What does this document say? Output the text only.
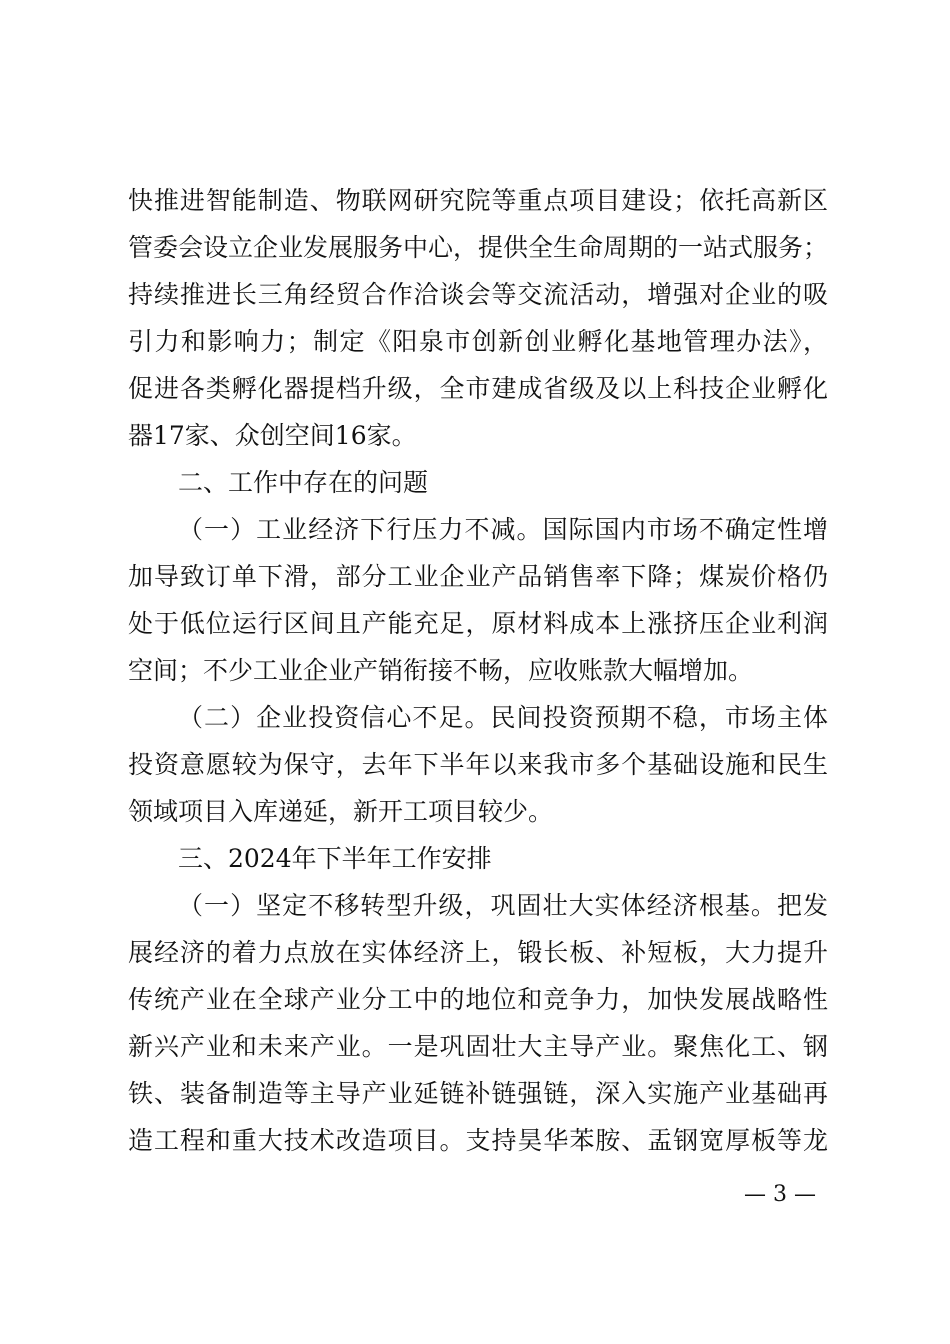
快推进智能制造、物联网研究院等重点项目建设；依托高新区
管委会设立企业发展服务中心，提供全生命周期的一站式服务；
持续推进长三角经贸合作洽谈会等交流活动，增强对企业的吸
引力和影响力；制定《阳泉市创新创业孵化基地管理办法》，
促进各类孵化器提档升级，全市建成省级及以上科技企业孵化
器17家、众创空间16家。
二、工作中存在的问题
（一）工业经济下行压力不减。国际国内市场不确定性增
加导致订单下滑，部分工业企业产品销售率下降；煤炭价格仍
处于低位运行区间且产能充足，原材料成本上涨挤压企业利润
空间；不少工业企业产销衔接不畅，应收账款大幅增加。
（二）企业投资信心不足。民间投资预期不稳，市场主体
投资意愿较为保守，去年下半年以来我市多个基础设施和民生
领域项目入库递延，新开工项目较少。
三、2024年下半年工作安排
（一）坚定不移转型升级，巩固壮大实体经济根基。把发
展经济的着力点放在实体经济上，锻长板、补短板，大力提升
传统产业在全球产业分工中的地位和竞争力，加快发展战略性
新兴产业和未来产业。一是巩固壮大主导产业。聚焦化工、钢
铁、装备制造等主导产业延链补链强链，深入实施产业基础再
造工程和重大技术改造项目。支持昊华苯胺、盂钢宽厚板等龙
— 3 —
